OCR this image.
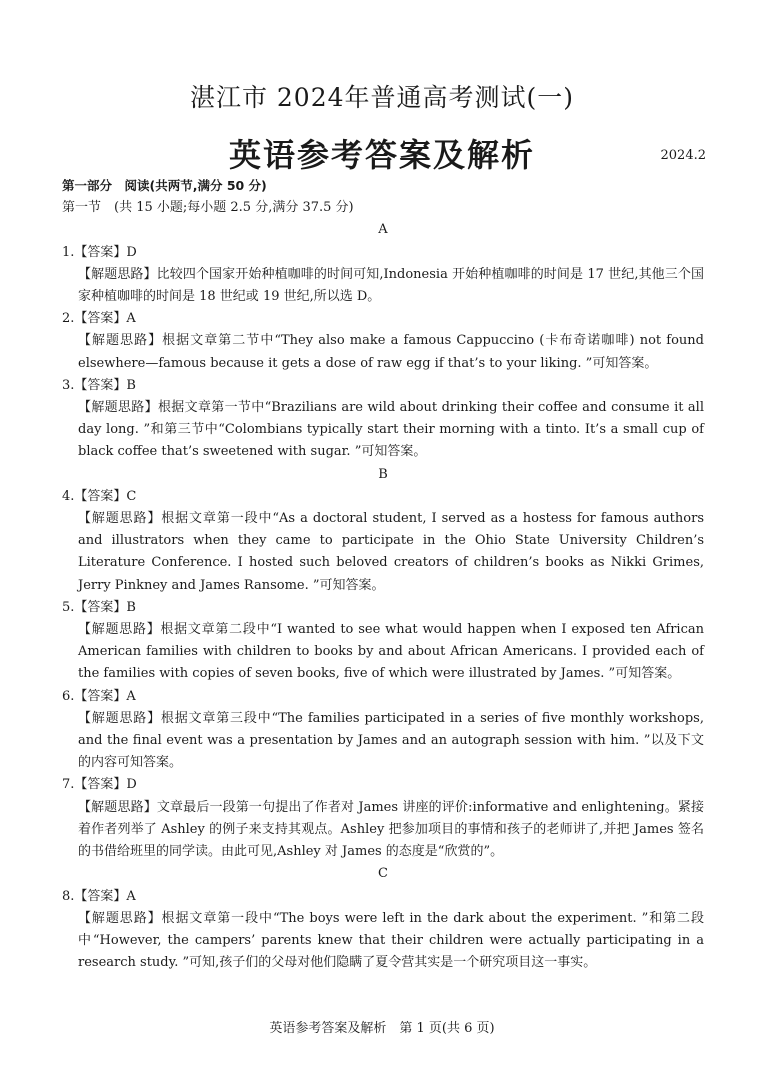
湛江市 2024年普通高考测试(一)
英语参考答案及解析	2024.2
第一部分　阅读(共两节,满分 50 分)
第一节　(共 15 小题;每小题 2.5 分,满分 37.5 分)
A
1.【答案】D
【解题思路】比较四个国家开始种植咖啡的时间可知,Indonesia 开始种植咖啡的时间是 17 世纪,其他三个国家种植咖啡的时间是 18 世纪或 19 世纪,所以选 D。
2.【答案】A
【解题思路】根据文章第二节中“They also make a famous Cappuccino (卡布奇诺咖啡) not found elsewhere—famous because it gets a dose of raw egg if that’s to your liking. ”可知答案。
3.【答案】B
【解题思路】根据文章第一节中“Brazilians are wild about drinking their coffee and consume it all day long. ”和第三节中“Colombians typically start their morning with a tinto. It’s a small cup of black coffee that’s sweetened with sugar. ”可知答案。
B
4.【答案】C
【解题思路】根据文章第一段中“As a doctoral student, I served as a hostess for famous authors and illustrators when they came to participate in the Ohio State University Children’s Literature Conference. I hosted such beloved creators of children’s books as Nikki Grimes, Jerry Pinkney and James Ransome. ”可知答案。
5.【答案】B
【解题思路】根据文章第二段中“I wanted to see what would happen when I exposed ten African American families with children to books by and about African Americans. I provided each of the families with copies of seven books, five of which were illustrated by James. ”可知答案。
6.【答案】A
【解题思路】根据文章第三段中“The families participated in a series of five monthly workshops, and the final event was a presentation by James and an autograph session with him. ”以及下文的内容可知答案。
7.【答案】D
【解题思路】文章最后一段第一句提出了作者对 James 讲座的评价:informative and enlightening。紧接着作者列举了 Ashley 的例子来支持其观点。Ashley 把参加项目的事情和孩子的老师讲了,并把 James 签名的书借给班里的同学读。由此可见,Ashley 对 James 的态度是“欣赏的”。
C
8.【答案】A
【解题思路】根据文章第一段中“The boys were left in the dark about the experiment. ”和第二段中“However, the campers’ parents knew that their children were actually participating in a research study. ”可知,孩子们的父母对他们隐瞒了夏令营其实是一个研究项目这一事实。
英语参考答案及解析　第 1 页(共 6 页)
